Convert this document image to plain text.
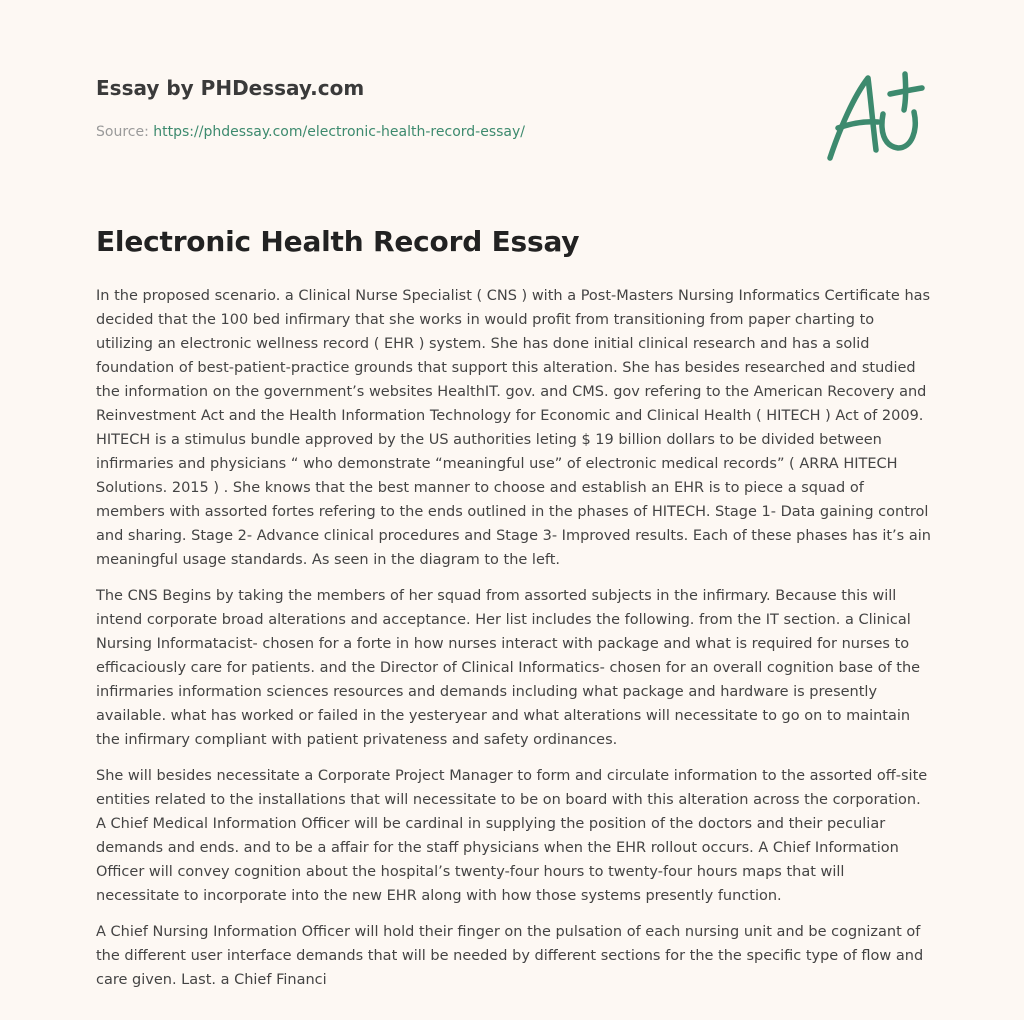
Essay by PHDessay.com
Source: https://phdessay.com/electronic-health-record-essay/
Electronic Health Record Essay

In the proposed scenario. a Clinical Nurse Specialist ( CNS ) with a Post-Masters Nursing Informatics Certificate has decided that the 100 bed infirmary that she works in would profit from transitioning from paper charting to utilizing an electronic wellness record ( EHR ) system. She has done initial clinical research and has a solid foundation of best-patient-practice grounds that support this alteration. She has besides researched and studied the information on the government’s websites HealthIT. gov. and CMS. gov refering to the American Recovery and Reinvestment Act and the Health Information Technology for Economic and Clinical Health ( HITECH ) Act of 2009. HITECH is a stimulus bundle approved by the US authorities leting $ 19 billion dollars to be divided between infirmaries and physicians “ who demonstrate “meaningful use” of electronic medical records” ( ARRA HITECH Solutions. 2015 ) . She knows that the best manner to choose and establish an EHR is to piece a squad of members with assorted fortes refering to the ends outlined in the phases of HITECH. Stage 1- Data gaining control and sharing. Stage 2- Advance clinical procedures and Stage 3- Improved results. Each of these phases has it’s ain meaningful usage standards. As seen in the diagram to the left.

The CNS Begins by taking the members of her squad from assorted subjects in the infirmary. Because this will intend corporate broad alterations and acceptance. Her list includes the following. from the IT section. a Clinical Nursing Informatacist- chosen for a forte in how nurses interact with package and what is required for nurses to efficaciously care for patients. and the Director of Clinical Informatics- chosen for an overall cognition base of the infirmaries information sciences resources and demands including what package and hardware is presently available. what has worked or failed in the yesteryear and what alterations will necessitate to go on to maintain the infirmary compliant with patient privateness and safety ordinances.

She will besides necessitate a Corporate Project Manager to form and circulate information to the assorted off-site entities related to the installations that will necessitate to be on board with this alteration across the corporation. A Chief Medical Information Officer will be cardinal in supplying the position of the doctors and their peculiar demands and ends. and to be a affair for the staff physicians when the EHR rollout occurs. A Chief Information Officer will convey cognition about the hospital’s twenty-four hours to twenty-four hours maps that will necessitate to incorporate into the new EHR along with how those systems presently function.

A Chief Nursing Information Officer will hold their finger on the pulsation of each nursing unit and be cognizant of the different user interface demands that will be needed by different sections for the the specific type of flow and care given. Last. a Chief Financi
